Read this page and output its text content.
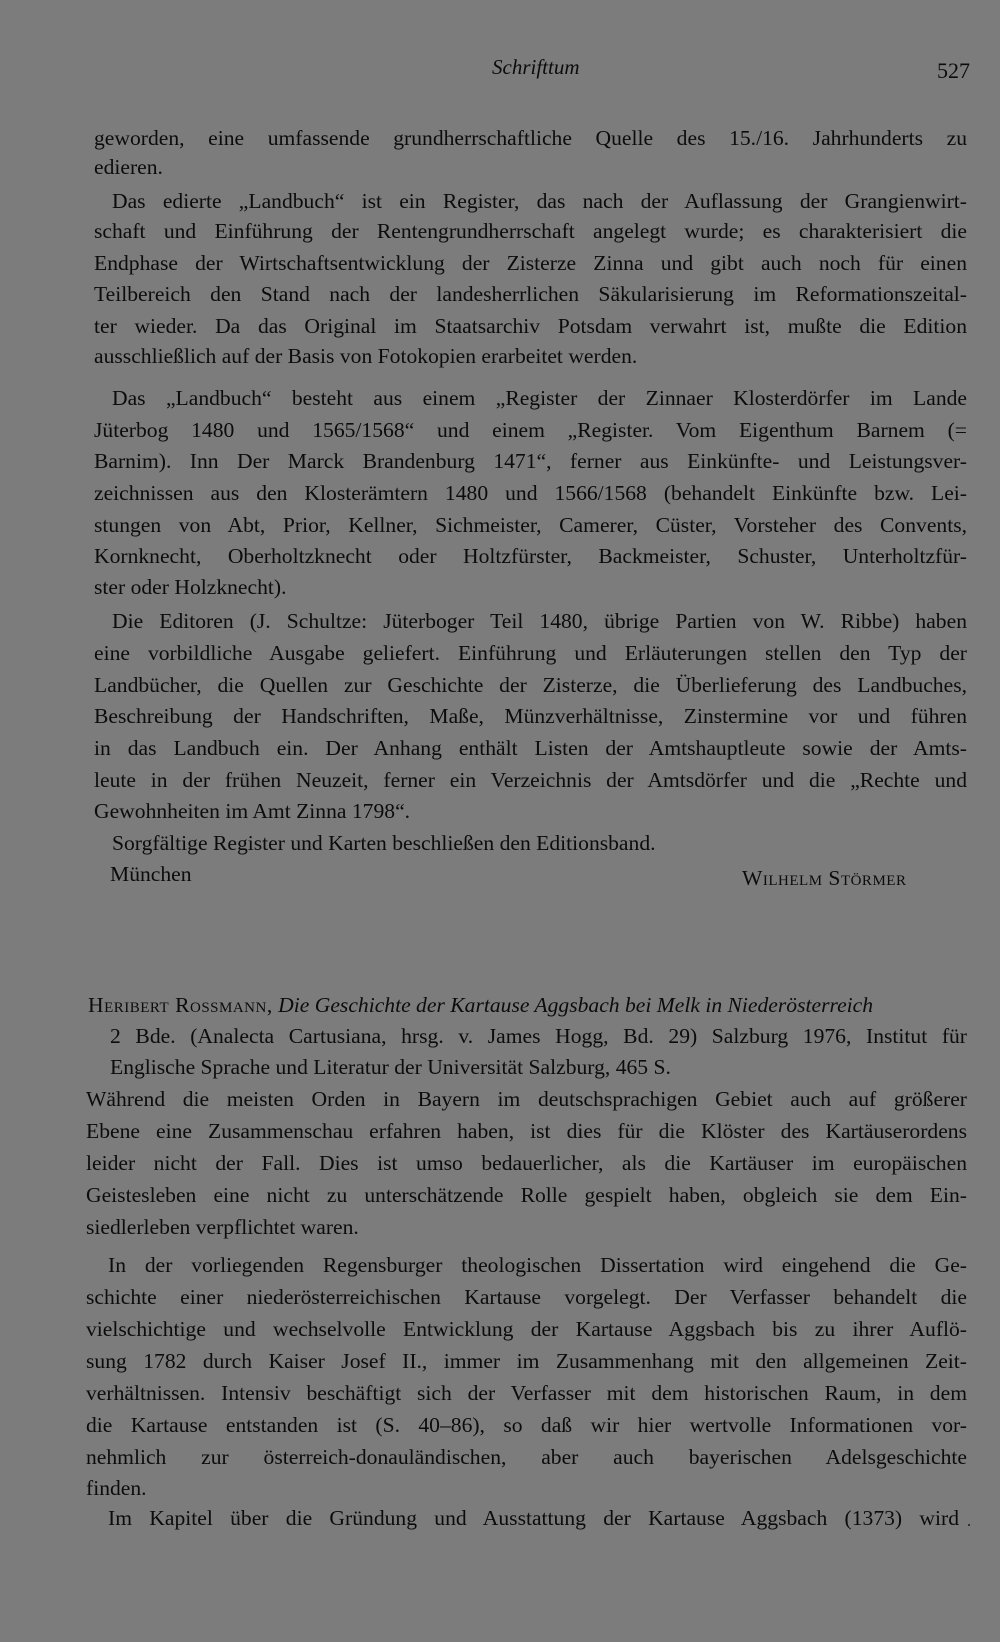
Schrifttum	527
geworden, eine umfassende grundherrschaftliche Quelle des 15./16. Jahrhunderts zu
edieren.
Das edierte „Landbuch“ ist ein Register, das nach der Auflassung der Grangienwirt-
schaft und Einführung der Rentengrundherrschaft angelegt wurde; es charakterisiert die
Endphase der Wirtschaftsentwicklung der Zisterze Zinna und gibt auch noch für einen
Teilbereich den Stand nach der landesherrlichen Säkularisierung im Reformationszeital-
ter wieder. Da das Original im Staatsarchiv Potsdam verwahrt ist, mußte die Edition
ausschließlich auf der Basis von Fotokopien erarbeitet werden.
Das „Landbuch“ besteht aus einem „Register der Zinnaer Klosterdörfer im Lande
Jüterbog 1480 und 1565/1568“ und einem „Register. Vom Eigenthum Barnem (=
Barnim). Inn Der Marck Brandenburg 1471“, ferner aus Einkünfte- und Leistungsver-
zeichnissen aus den Klosterämtern 1480 und 1566/1568 (behandelt Einkünfte bzw. Lei-
stungen von Abt, Prior, Kellner, Sichmeister, Camerer, Cüster, Vorsteher des Convents,
Kornknecht, Oberholtzknecht oder Holtzfürster, Backmeister, Schuster, Unterholtzfür-
ster oder Holzknecht).
Die Editoren (J. Schultze: Jüterboger Teil 1480, übrige Partien von W. Ribbe) haben
eine vorbildliche Ausgabe geliefert. Einführung und Erläuterungen stellen den Typ der
Landbücher, die Quellen zur Geschichte der Zisterze, die Überlieferung des Landbuches,
Beschreibung der Handschriften, Maße, Münzverhältnisse, Zinstermine vor und führen
in das Landbuch ein. Der Anhang enthält Listen der Amtshauptleute sowie der Amts-
leute in der frühen Neuzeit, ferner ein Verzeichnis der Amtsdörfer und die „Rechte und
Gewohnheiten im Amt Zinna 1798“.
Sorgfältige Register und Karten beschließen den Editionsband.
München	Wilhelm Störmer
Heribert Rossmann, Die Geschichte der Kartause Aggsbach bei Melk in Niederösterreich
2 Bde. (Analecta Cartusiana, hrsg. v. James Hogg, Bd. 29) Salzburg 1976, Institut für
Englische Sprache und Literatur der Universität Salzburg, 465 S.
Während die meisten Orden in Bayern im deutschsprachigen Gebiet auch auf größerer
Ebene eine Zusammenschau erfahren haben, ist dies für die Klöster des Kartäuserordens
leider nicht der Fall. Dies ist umso bedauerlicher, als die Kartäuser im europäischen
Geistesleben eine nicht zu unterschätzende Rolle gespielt haben, obgleich sie dem Ein-
siedlerleben verpflichtet waren.
In der vorliegenden Regensburger theologischen Dissertation wird eingehend die Ge-
schichte einer niederösterreichischen Kartause vorgelegt. Der Verfasser behandelt die
vielschichtige und wechselvolle Entwicklung der Kartause Aggsbach bis zu ihrer Auflö-
sung 1782 durch Kaiser Josef II., immer im Zusammenhang mit den allgemeinen Zeit-
verhältnissen. Intensiv beschäftigt sich der Verfasser mit dem historischen Raum, in dem
die Kartause entstanden ist (S. 40–86), so daß wir hier wertvolle Informationen vor-
nehmlich zur österreich-donauländischen, aber auch bayerischen Adelsgeschichte
finden.
Im Kapitel über die Gründung und Ausstattung der Kartause Aggsbach (1373) wird
